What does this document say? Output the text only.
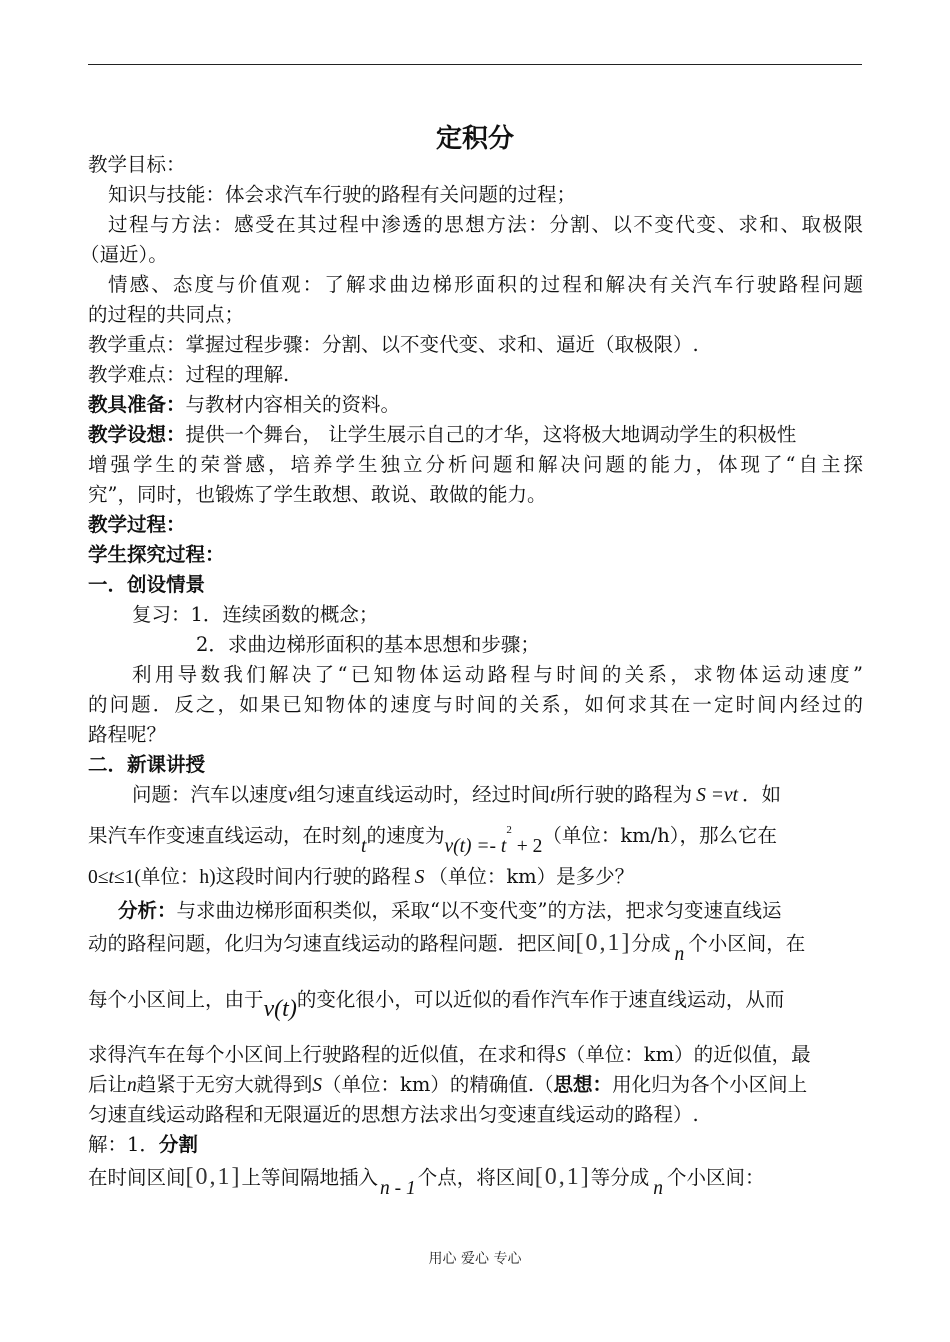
定积分
教学目标：
知识与技能：体会求汽车行驶的路程有关问题的过程；
过程与方法：感受在其过程中渗透的思想方法：分割、以不变代变、求和、取极限
（逼近）。
情感、态度与价值观：了解求曲边梯形面积的过程和解决有关汽车行驶路程问题
的过程的共同点；
教学重点：掌握过程步骤：分割、以不变代变、求和、逼近（取极限）.
教学难点：过程的理解.
教具准备：与教材内容相关的资料。
教学设想：提供一个舞台， 让学生展示自己的才华，这将极大地调动学生的积极性
增强学生的荣誉感，培养学生独立分析问题和解决问题的能力，体现了“自主探
究”，同时，也锻炼了学生敢想、敢说、敢做的能力。
教学过程：
学生探究过程：
一．创设情景
复习：1．连续函数的概念；
2．求曲边梯形面积的基本思想和步骤；
利用导数我们解决了“已知物体运动路程与时间的关系，求物体运动速度”
的问题．反之，如果已知物体的速度与时间的关系，如何求其在一定时间内经过的
路程呢？
二．新课讲授
问题：汽车以速度v组匀速直线运动时，经过时间t所行驶的路程为 S =vt ．如
果汽车作变速直线运动，在时刻t的速度为$v(t) =- t^2 + 2$（单位：km/h），那么它在
0≤t≤1(单位：h)这段时间内行驶的路程 S （单位：km）是多少？
分析：与求曲边梯形面积类似，采取“以不变代变”的方法，把求匀变速直线运
动的路程问题，化归为匀速直线运动的路程问题．把区间[0,1]分成 n 个小区间，在
每个小区间上，由于v(t)的变化很小，可以近似的看作汽车作于速直线运动，从而
求得汽车在每个小区间上行驶路程的近似值，在求和得S（单位：km）的近似值，最
后让n趋紧于无穷大就得到S（单位：km）的精确值.（思想：用化归为各个小区间上
匀速直线运动路程和无限逼近的思想方法求出匀变速直线运动的路程）.
解：1．分割
在时间区间[0,1]上等间隔地插入 n - 1 个点，将区间[0,1]等分成 n 个小区间：
用心 爱心 专心
